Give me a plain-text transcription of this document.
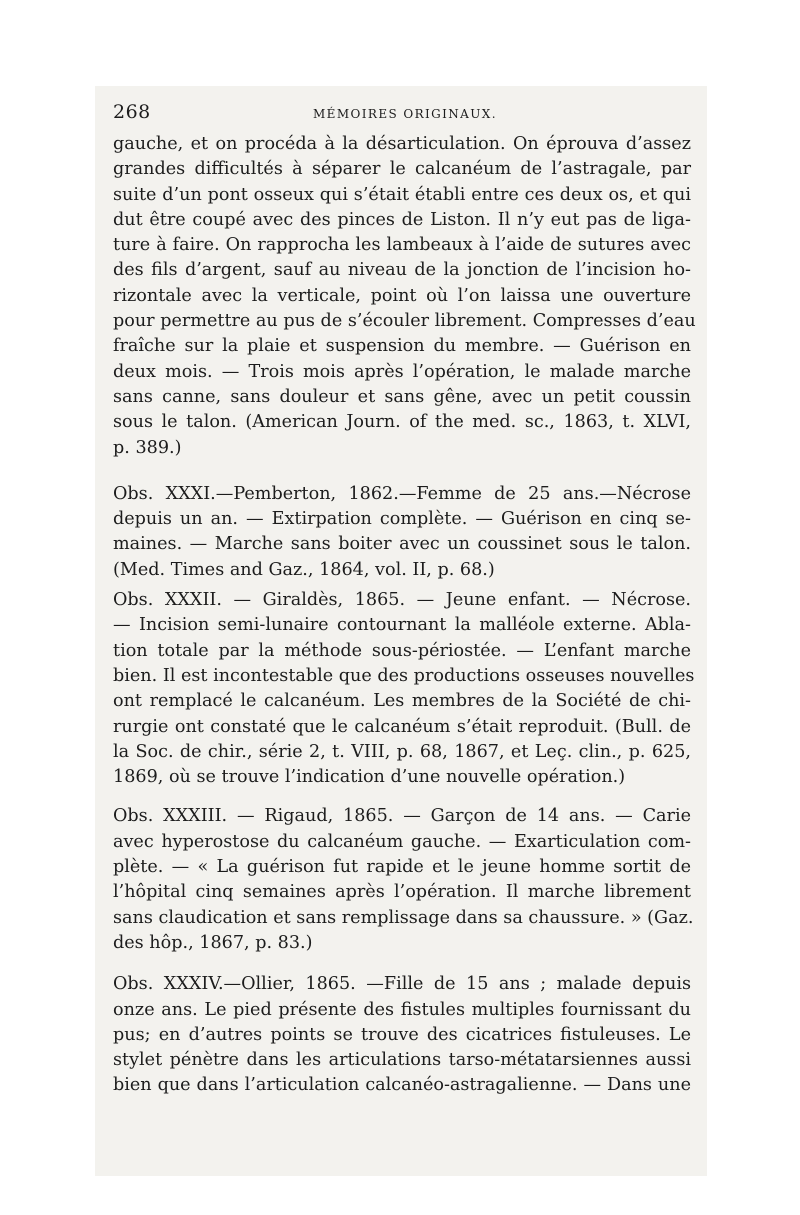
268	MÉMOIRES ORIGINAUX.

gauche, et on procéda à la désarticulation. On éprouva d’assez
grandes difficultés à séparer le calcanéum de l’astragale, par
suite d’un pont osseux qui s’était établi entre ces deux os, et qui
dut être coupé avec des pinces de Liston. Il n’y eut pas de liga-
ture à faire. On rapprocha les lambeaux à l’aide de sutures avec
des fils d’argent, sauf au niveau de la jonction de l’incision ho-
rizontale avec la verticale, point où l’on laissa une ouverture
pour permettre au pus de s’écouler librement. Compresses d’eau
fraîche sur la plaie et suspension du membre. — Guérison en
deux mois. — Trois mois après l’opération, le malade marche
sans canne, sans douleur et sans gêne, avec un petit coussin
sous le talon. (American Journ. of the med. sc., 1863, t. XLVI,
p. 389.)

Obs. XXXI.—Pemberton, 1862.—Femme de 25 ans.—Nécrose
depuis un an. — Extirpation complète. — Guérison en cinq se-
maines. — Marche sans boiter avec un coussinet sous le talon.
(Med. Times and Gaz., 1864, vol. II, p. 68.)

Obs. XXXII. — Giraldès, 1865. — Jeune enfant. — Nécrose.
— Incision semi-lunaire contournant la malléole externe. Abla-
tion totale par la méthode sous-périostée. — L’enfant marche
bien. Il est incontestable que des productions osseuses nouvelles
ont remplacé le calcanéum. Les membres de la Société de chi-
rurgie ont constaté que le calcanéum s’était reproduit. (Bull. de
la Soc. de chir., série 2, t. VIII, p. 68, 1867, et Leç. clin., p. 625,
1869, où se trouve l’indication d’une nouvelle opération.)

Obs. XXXIII. — Rigaud, 1865. — Garçon de 14 ans. — Carie
avec hyperostose du calcanéum gauche. — Exarticulation com-
plète. — « La guérison fut rapide et le jeune homme sortit de
l’hôpital cinq semaines après l’opération. Il marche librement
sans claudication et sans remplissage dans sa chaussure. » (Gaz.
des hôp., 1867, p. 83.)

Obs. XXXIV.—Ollier, 1865. —Fille de 15 ans ; malade depuis
onze ans. Le pied présente des fistules multiples fournissant du
pus; en d’autres points se trouve des cicatrices fistuleuses. Le
stylet pénètre dans les articulations tarso-métatarsiennes aussi
bien que dans l’articulation calcanéo-astragalienne. — Dans une
